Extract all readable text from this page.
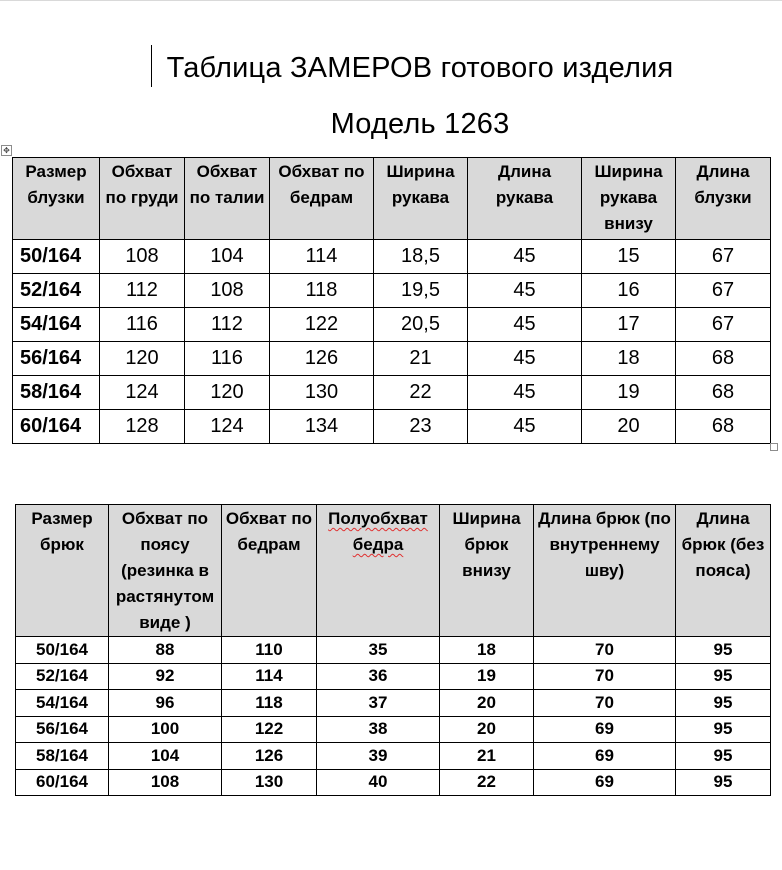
Таблица ЗАМЕРОВ готового изделия
Модель 1263
✥
Размер блузки	Обхват по груди	Обхват по талии	Обхват по бедрам	Ширина рукава	Длина рукава	Ширина рукава внизу	Длина блузки
50/164	108	104	114	18,5	45	15	67
52/164	112	108	118	19,5	45	16	67
54/164	116	112	122	20,5	45	17	67
56/164	120	116	126	21	45	18	68
58/164	124	120	130	22	45	19	68
60/164	128	124	134	23	45	20	68
Размер брюк	Обхват по поясу (резинка в растянутом виде )	Обхват по бедрам	Полуобхват бедра	Ширина брюк внизу	Длина брюк (по внутреннему шву)	Длина брюк (без пояса)
50/164	88	110	35	18	70	95
52/164	92	114	36	19	70	95
54/164	96	118	37	20	70	95
56/164	100	122	38	20	69	95
58/164	104	126	39	21	69	95
60/164	108	130	40	22	69	95
